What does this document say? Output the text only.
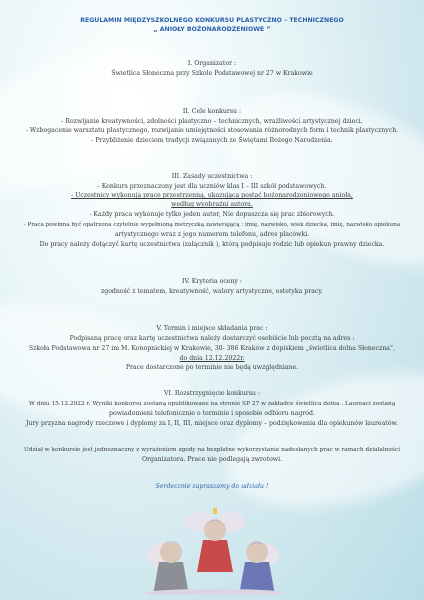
REGULAMIN MIĘDZYSZKOLNEGO KONKURSU PLASTYCZNO – TECHNICZNEGO
„ ANIOŁY BOŻONARODZENIOWE ”
I. Organizator :
Świetlica Słoneczna przy Szkole Podstawowej nr 27 w Krakowie
II. Cele konkursu :
- Rozwijanie kreatywności, zdolności plastyczno – technicznych, wrażliwości artystycznej dzieci.
- Wzbogacenie warsztatu plastycznego, rozwijanie umiejętności stosowania różnorodnych form i technik plastycznych.
- Przybliżenie dzieciom tradycji związanych ze Świętami Bożego Narodzenia.
III. Zasady uczestnictwa :
- Konkurs przeznaczony jest dla uczniów klas I – III szkół podstawowych.
- Uczestnicy wykonują prace przestrzenną, ukazującą postać bożonarodzeniowego anioła,
według wyobraźni autora.
- Każdy praca wykonuje tylko jeden autor, Nie dopuszcza się prac zbiorowych.
- Praca powinna być opatrzona czytelnie wypełnioną metryczką zawierającą : imię, nazwisko, wiek dziecka, imię, nazwisko opiekuna
artystycznego wraz z jego numerem telefonu, adres placówki.
Do pracy należy dołączyć kartę uczestnictwa (załącznik ), którą podpisuje rodzic lub opiekun prawny dziecka.
IV. Kryteria oceny :
zgodność z tematem, kreatywność, walory artystyczne, estetyka pracy.
V. Termin i miejsce składania prac :
Podpisaną pracę oraz kartę uczestnictwa należy dostarczyć osobiście lub pocztą na adres :
Szkoła Podstawowa nr 27 im M. Konopnickiej w Krakowie, 30- 386 Kraków z dopiskiem „świetlica dolna Słoneczna”,
do dnia 12.12.2022r.
Prace dostarczone po terminie nie będą uwzględniane.
VI. Rozstrzygnięcie konkursu :
W dniu 15.12.2022 r. Wyniki konkursu zostaną opublikowane na stronie SP 27 w zakładce świetlica dolna . Laureaci zostaną
powiadomieni telefonicznie o terminie i sposobie odbioru nagród.
Jury przyzna nagrody rzeczowe i dyplomy za I, II, III, miejsce oraz dyplomy – podziękowania dla opiekunów laureatów.
Udział w konkursie jest jednoznaczny z wyrażeniem zgody na bezpłatne wykorzystanie nadesłanych prac w ramach działalności
Organizatora. Prace nie podlegają zwrotowi.
Serdecznie zapraszamy do udziału !
